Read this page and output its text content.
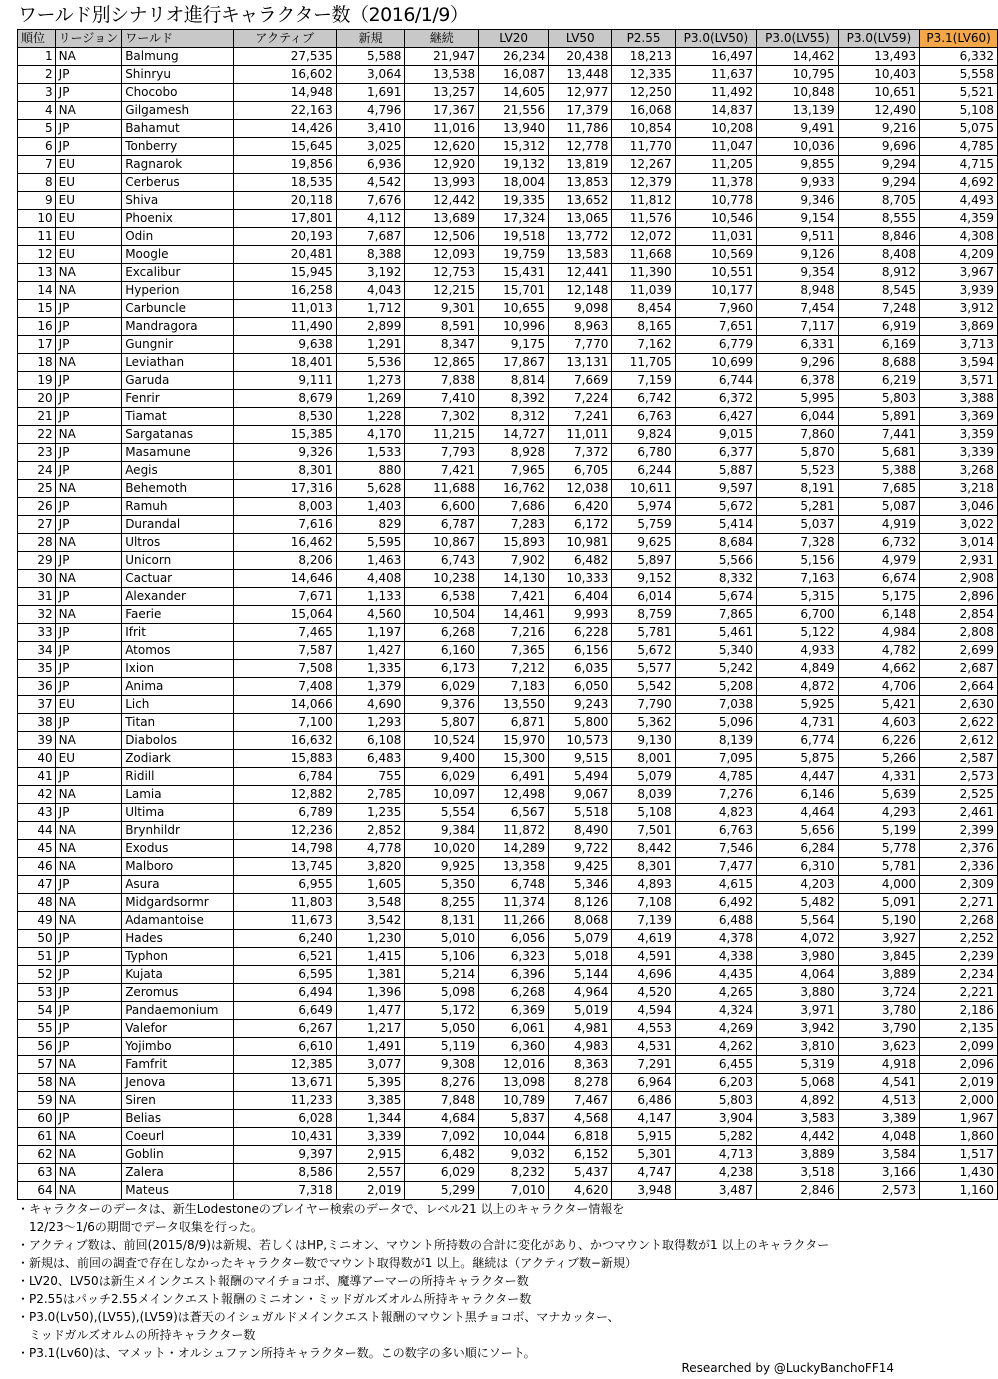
ワールド別シナリオ進行キャラクター数（2016/1/9）
順位	リージョン	ワールド	アクティブ	新規	継続	LV20	LV50	P2.55	P3.0(LV50)	P3.0(LV55)	P3.0(LV59)	P3.1(LV60)
1	NA	Balmung	27,535	5,588	21,947	26,234	20,438	18,213	16,497	14,462	13,493	6,332
2	JP	Shinryu	16,602	3,064	13,538	16,087	13,448	12,335	11,637	10,795	10,403	5,558
3	JP	Chocobo	14,948	1,691	13,257	14,605	12,977	12,250	11,492	10,848	10,651	5,521
4	NA	Gilgamesh	22,163	4,796	17,367	21,556	17,379	16,068	14,837	13,139	12,490	5,108
5	JP	Bahamut	14,426	3,410	11,016	13,940	11,786	10,854	10,208	9,491	9,216	5,075
6	JP	Tonberry	15,645	3,025	12,620	15,312	12,778	11,770	11,047	10,036	9,696	4,785
7	EU	Ragnarok	19,856	6,936	12,920	19,132	13,819	12,267	11,205	9,855	9,294	4,715
8	EU	Cerberus	18,535	4,542	13,993	18,004	13,853	12,379	11,378	9,933	9,294	4,692
9	EU	Shiva	20,118	7,676	12,442	19,335	13,652	11,812	10,778	9,346	8,705	4,493
10	EU	Phoenix	17,801	4,112	13,689	17,324	13,065	11,576	10,546	9,154	8,555	4,359
11	EU	Odin	20,193	7,687	12,506	19,518	13,772	12,072	11,031	9,511	8,846	4,308
12	EU	Moogle	20,481	8,388	12,093	19,759	13,583	11,668	10,569	9,126	8,408	4,209
13	NA	Excalibur	15,945	3,192	12,753	15,431	12,441	11,390	10,551	9,354	8,912	3,967
14	NA	Hyperion	16,258	4,043	12,215	15,701	12,148	11,039	10,177	8,948	8,545	3,939
15	JP	Carbuncle	11,013	1,712	9,301	10,655	9,098	8,454	7,960	7,454	7,248	3,912
16	JP	Mandragora	11,490	2,899	8,591	10,996	8,963	8,165	7,651	7,117	6,919	3,869
17	JP	Gungnir	9,638	1,291	8,347	9,175	7,770	7,162	6,779	6,331	6,169	3,713
18	NA	Leviathan	18,401	5,536	12,865	17,867	13,131	11,705	10,699	9,296	8,688	3,594
19	JP	Garuda	9,111	1,273	7,838	8,814	7,669	7,159	6,744	6,378	6,219	3,571
20	JP	Fenrir	8,679	1,269	7,410	8,392	7,224	6,742	6,372	5,995	5,803	3,388
21	JP	Tiamat	8,530	1,228	7,302	8,312	7,241	6,763	6,427	6,044	5,891	3,369
22	NA	Sargatanas	15,385	4,170	11,215	14,727	11,011	9,824	9,015	7,860	7,441	3,359
23	JP	Masamune	9,326	1,533	7,793	8,928	7,372	6,780	6,377	5,870	5,681	3,339
24	JP	Aegis	8,301	880	7,421	7,965	6,705	6,244	5,887	5,523	5,388	3,268
25	NA	Behemoth	17,316	5,628	11,688	16,762	12,038	10,611	9,597	8,191	7,685	3,218
26	JP	Ramuh	8,003	1,403	6,600	7,686	6,420	5,974	5,672	5,281	5,087	3,046
27	JP	Durandal	7,616	829	6,787	7,283	6,172	5,759	5,414	5,037	4,919	3,022
28	NA	Ultros	16,462	5,595	10,867	15,893	10,981	9,625	8,684	7,328	6,732	3,014
29	JP	Unicorn	8,206	1,463	6,743	7,902	6,482	5,897	5,566	5,156	4,979	2,931
30	NA	Cactuar	14,646	4,408	10,238	14,130	10,333	9,152	8,332	7,163	6,674	2,908
31	JP	Alexander	7,671	1,133	6,538	7,421	6,404	6,014	5,674	5,315	5,175	2,896
32	NA	Faerie	15,064	4,560	10,504	14,461	9,993	8,759	7,865	6,700	6,148	2,854
33	JP	Ifrit	7,465	1,197	6,268	7,216	6,228	5,781	5,461	5,122	4,984	2,808
34	JP	Atomos	7,587	1,427	6,160	7,365	6,156	5,672	5,340	4,933	4,782	2,699
35	JP	Ixion	7,508	1,335	6,173	7,212	6,035	5,577	5,242	4,849	4,662	2,687
36	JP	Anima	7,408	1,379	6,029	7,183	6,050	5,542	5,208	4,872	4,706	2,664
37	EU	Lich	14,066	4,690	9,376	13,550	9,243	7,790	7,038	5,925	5,421	2,630
38	JP	Titan	7,100	1,293	5,807	6,871	5,800	5,362	5,096	4,731	4,603	2,622
39	NA	Diabolos	16,632	6,108	10,524	15,970	10,573	9,130	8,139	6,774	6,226	2,612
40	EU	Zodiark	15,883	6,483	9,400	15,300	9,515	8,001	7,095	5,875	5,266	2,587
41	JP	Ridill	6,784	755	6,029	6,491	5,494	5,079	4,785	4,447	4,331	2,573
42	NA	Lamia	12,882	2,785	10,097	12,498	9,067	8,039	7,276	6,146	5,639	2,525
43	JP	Ultima	6,789	1,235	5,554	6,567	5,518	5,108	4,823	4,464	4,293	2,461
44	NA	Brynhildr	12,236	2,852	9,384	11,872	8,490	7,501	6,763	5,656	5,199	2,399
45	NA	Exodus	14,798	4,778	10,020	14,289	9,722	8,442	7,546	6,284	5,778	2,376
46	NA	Malboro	13,745	3,820	9,925	13,358	9,425	8,301	7,477	6,310	5,781	2,336
47	JP	Asura	6,955	1,605	5,350	6,748	5,346	4,893	4,615	4,203	4,000	2,309
48	NA	Midgardsormr	11,803	3,548	8,255	11,374	8,126	7,108	6,492	5,482	5,091	2,271
49	NA	Adamantoise	11,673	3,542	8,131	11,266	8,068	7,139	6,488	5,564	5,190	2,268
50	JP	Hades	6,240	1,230	5,010	6,056	5,079	4,619	4,378	4,072	3,927	2,252
51	JP	Typhon	6,521	1,415	5,106	6,323	5,018	4,591	4,338	3,980	3,845	2,239
52	JP	Kujata	6,595	1,381	5,214	6,396	5,144	4,696	4,435	4,064	3,889	2,234
53	JP	Zeromus	6,494	1,396	5,098	6,268	4,964	4,520	4,265	3,880	3,724	2,221
54	JP	Pandaemonium	6,649	1,477	5,172	6,369	5,019	4,594	4,324	3,971	3,780	2,186
55	JP	Valefor	6,267	1,217	5,050	6,061	4,981	4,553	4,269	3,942	3,790	2,135
56	JP	Yojimbo	6,610	1,491	5,119	6,360	4,983	4,531	4,262	3,810	3,623	2,099
57	NA	Famfrit	12,385	3,077	9,308	12,016	8,363	7,291	6,455	5,319	4,918	2,096
58	NA	Jenova	13,671	5,395	8,276	13,098	8,278	6,964	6,203	5,068	4,541	2,019
59	NA	Siren	11,233	3,385	7,848	10,789	7,467	6,486	5,803	4,892	4,513	2,000
60	JP	Belias	6,028	1,344	4,684	5,837	4,568	4,147	3,904	3,583	3,389	1,967
61	NA	Coeurl	10,431	3,339	7,092	10,044	6,818	5,915	5,282	4,442	4,048	1,860
62	NA	Goblin	9,397	2,915	6,482	9,032	6,152	5,301	4,713	3,889	3,584	1,517
63	NA	Zalera	8,586	2,557	6,029	8,232	5,437	4,747	4,238	3,518	3,166	1,430
64	NA	Mateus	7,318	2,019	5,299	7,010	4,620	3,948	3,487	2,846	2,573	1,160
・キャラクターのデータは、新生Lodestoneのプレイヤー検索のデータで、レベル21 以上のキャラクター情報を
　12/23〜1/6の期間でデータ収集を行った。
・アクティブ数は、前回(2015/8/9)は新規、若しくはHP,ミニオン、マウント所持数の合計に変化があり、かつマウント取得数が1 以上のキャラクター
・新規は、前回の調査で存在しなかったキャラクター数でマウント取得数が1 以上。継続は（アクティブ数−新規）
・LV20、LV50は新生メインクエスト報酬のマイチョコボ、魔導アーマーの所持キャラクター数
・P2.55はパッチ2.55メインクエスト報酬のミニオン・ミッドガルズオルム所持キャラクター数
・P3.0(Lv50),(LV55),(LV59)は蒼天のイシュガルドメインクエスト報酬のマウント黒チョコボ、マナカッター、
　ミッドガルズオルムの所持キャラクター数
・P3.1(Lv60)は、マメット・オルシュファン所持キャラクター数。この数字の多い順にソート。
Researched by @LuckyBanchoFF14
